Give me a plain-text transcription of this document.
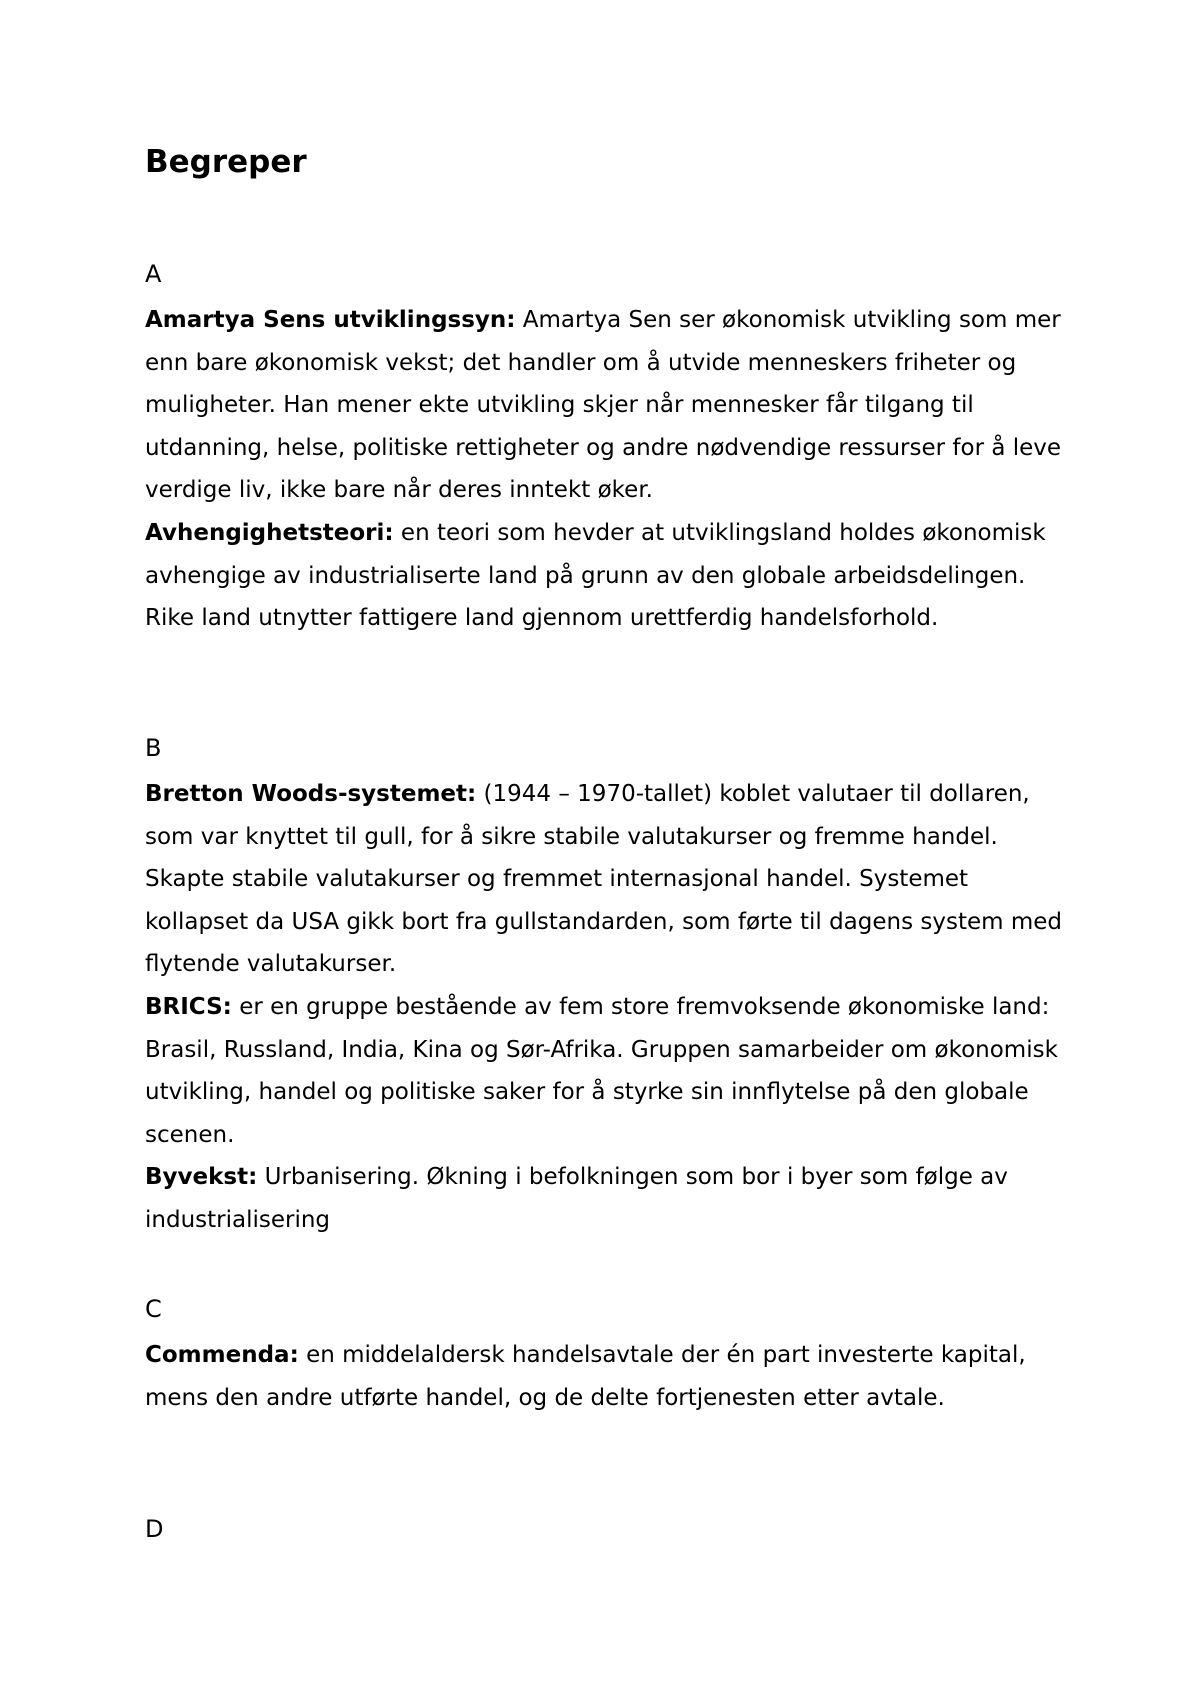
Begreper
A

Amartya Sens utviklingssyn: Amartya Sen ser økonomisk utvikling som mer enn bare økonomisk vekst; det handler om å utvide menneskers friheter og muligheter. Han mener ekte utvikling skjer når mennesker får tilgang til utdanning, helse, politiske rettigheter og andre nødvendige ressurser for å leve verdige liv, ikke bare når deres inntekt øker.

Avhengighetsteori: en teori som hevder at utviklingsland holdes økonomisk avhengige av industrialiserte land på grunn av den globale arbeidsdelingen. Rike land utnytter fattigere land gjennom urettferdig handelsforhold.

B

Bretton Woods-systemet: (1944 – 1970-tallet) koblet valutaer til dollaren, som var knyttet til gull, for å sikre stabile valutakurser og fremme handel. Skapte stabile valutakurser og fremmet internasjonal handel. Systemet kollapset da USA gikk bort fra gullstandarden, som førte til dagens system med flytende valutakurser.

BRICS: er en gruppe bestående av fem store fremvoksende økonomiske land: Brasil, Russland, India, Kina og Sør-Afrika. Gruppen samarbeider om økonomisk utvikling, handel og politiske saker for å styrke sin innflytelse på den globale scenen.

Byvekst: Urbanisering. Økning i befolkningen som bor i byer som følge av industrialisering

C

Commenda: en middelaldersk handelsavtale der én part investerte kapital, mens den andre utførte handel, og de delte fortjenesten etter avtale.

D
